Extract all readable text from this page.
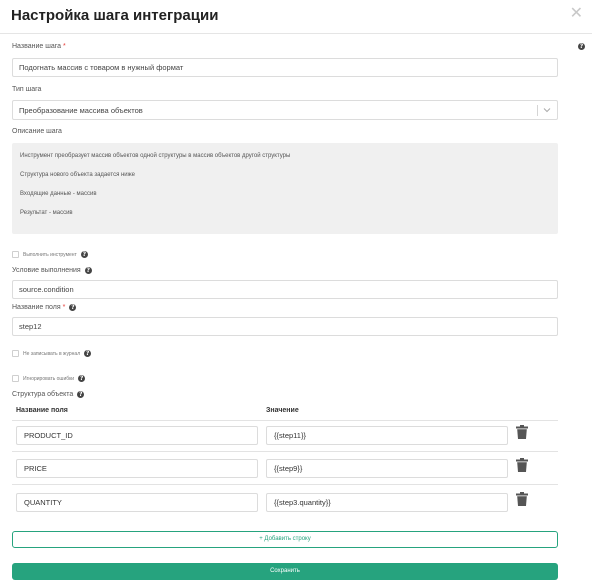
Настройка шага интеграции	✕
?
Название шага *
Подогнать массив с товаром в нужный формат
Тип шага
Преобразование массива объектов
Описание шага
Инструмент преобразует массив объектов одной структуры в массив объектов другой структуры
Структура нового объекта задается ниже
Входящие данные - массив
Результат - массив
Выполнить инструмент ?
Условие выполнения ?
source.condition
Название поля * ?
step12
Не записывать в журнал ?
Игнорировать ошибки ?
Структура объекта ?
Название поля	Значение
PRODUCT_ID	{{step11}}
PRICE	{{step9}}
QUANTITY	{{step3.quantity}}
+ Добавить строку
Сохранить
